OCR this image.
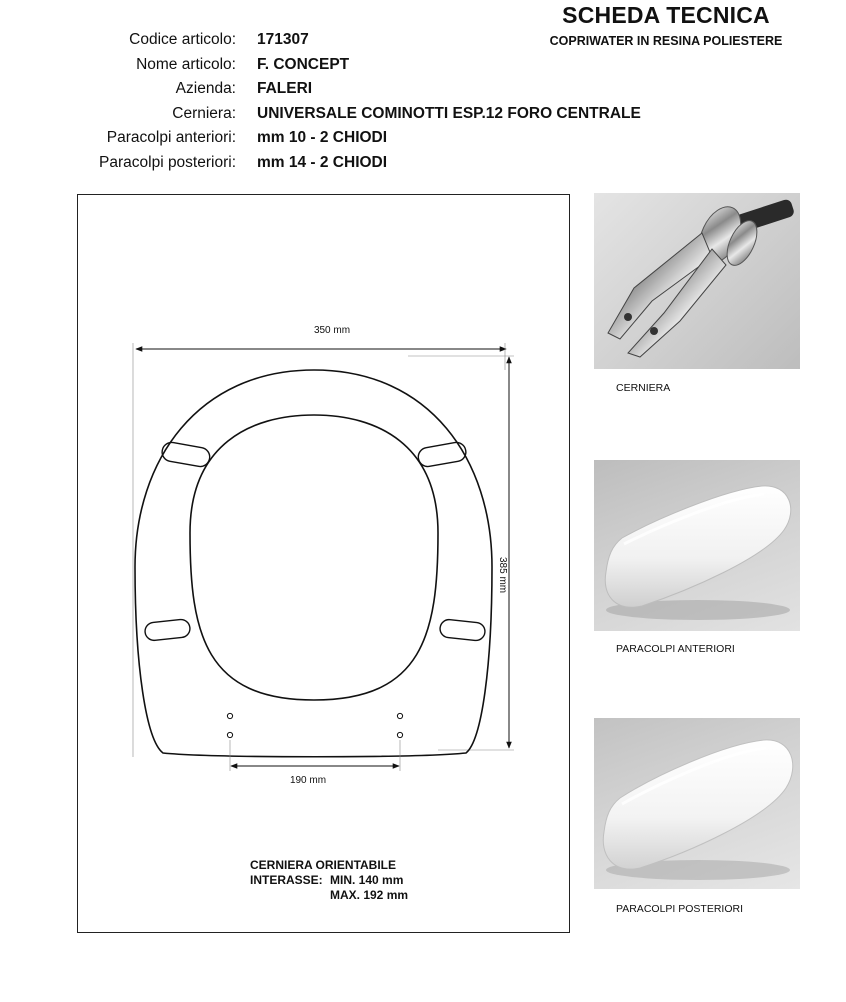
SCHEDA TECNICA
COPRIWATER IN RESINA POLIESTERE
Codice articolo: 171307
Nome articolo: F. CONCEPT
Azienda: FALERI
Cerniera: UNIVERSALE COMINOTTI ESP.12 FORO CENTRALE
Paracolpi anteriori: mm 10 - 2 CHIODI
Paracolpi posteriori: mm 14 - 2 CHIODI
350 mm
385 mm
190 mm
CERNIERA ORIENTABILE
INTERASSE: MIN. 140 mm
MAX. 192 mm
CERNIERA
PARACOLPI ANTERIORI
PARACOLPI POSTERIORI
